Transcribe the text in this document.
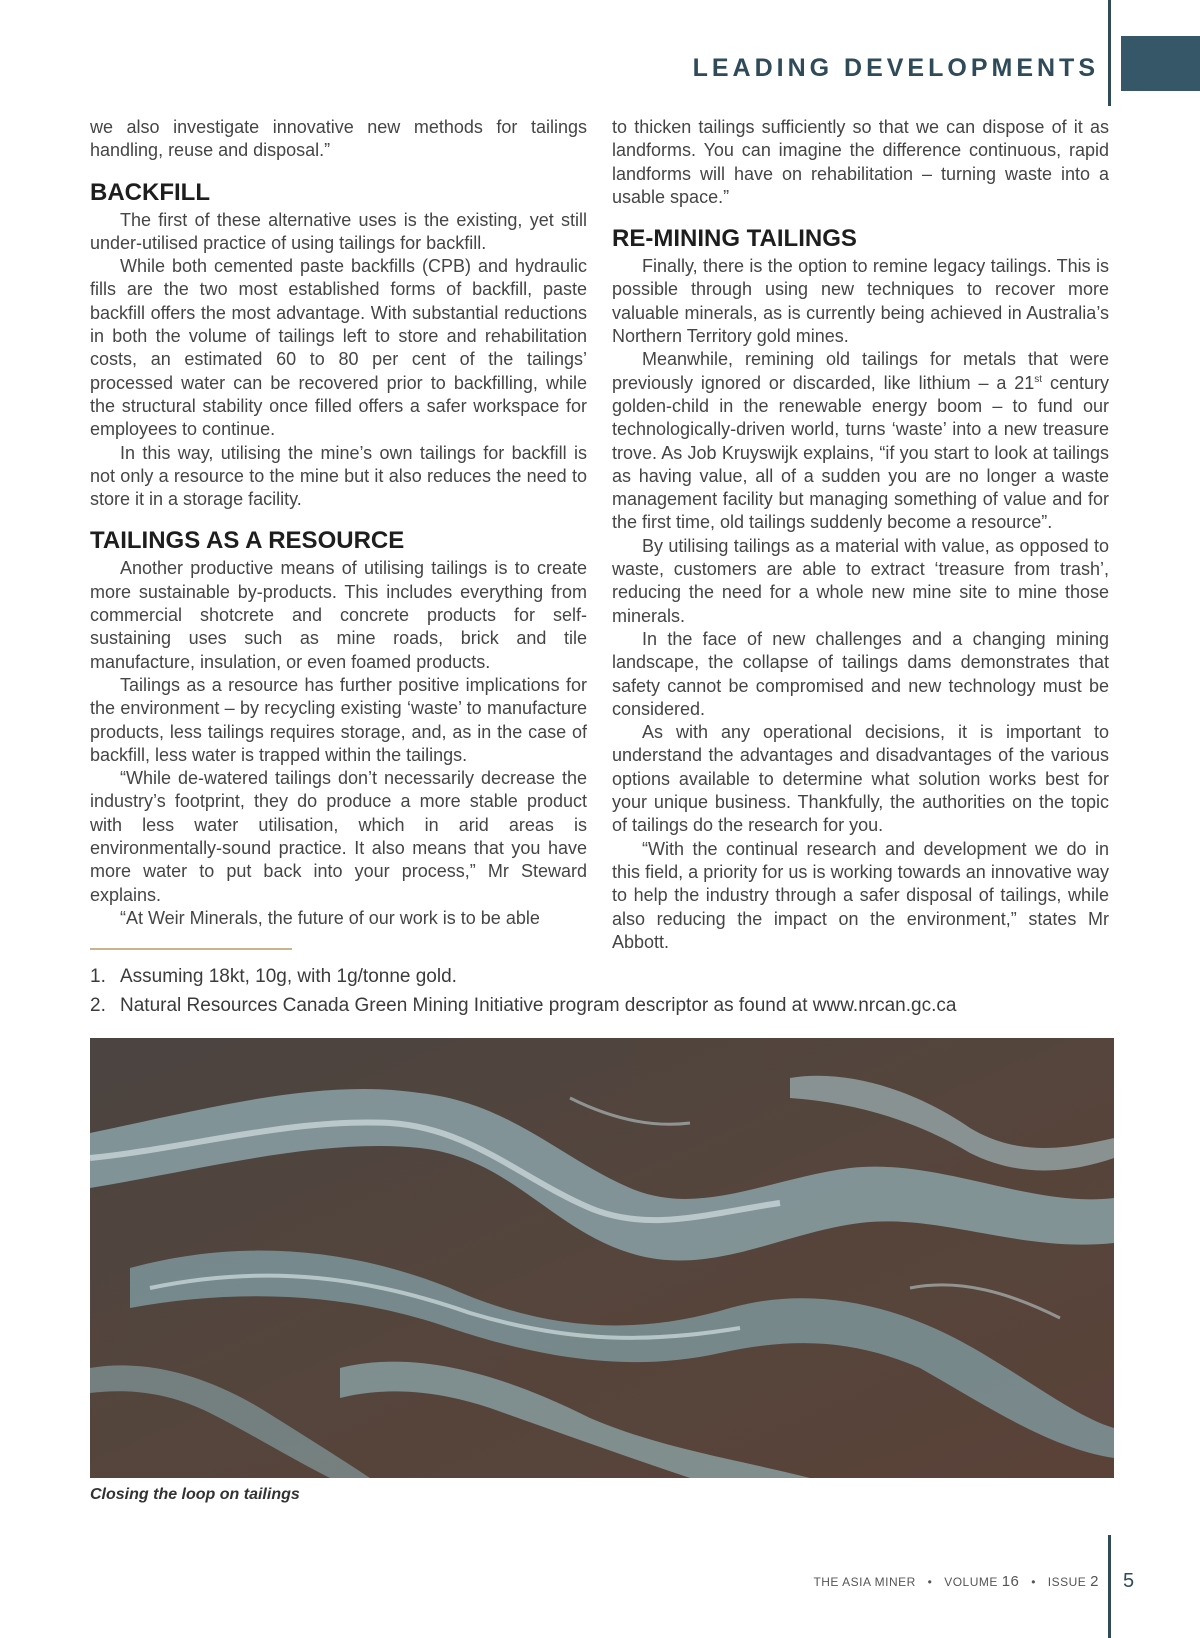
LEADING DEVELOPMENTS

we also investigate innovative new methods for tailings handling, reuse and disposal.”

BACKFILL

The first of these alternative uses is the existing, yet still under-utilised practice of using tailings for backfill.

While both cemented paste backfills (CPB) and hydraulic fills are the two most established forms of backfill, paste backfill offers the most advantage. With substantial reductions in both the volume of tailings left to store and rehabilitation costs, an estimated 60 to 80 per cent of the tailings’ processed water can be recovered prior to backfilling, while the structural stability once filled offers a safer workspace for employees to continue.

In this way, utilising the mine’s own tailings for backfill is not only a resource to the mine but it also reduces the need to store it in a storage facility.

TAILINGS AS A RESOURCE

Another productive means of utilising tailings is to create more sustainable by-products. This includes everything from commercial shotcrete and concrete products for self-sustaining uses such as mine roads, brick and tile manufacture, insulation, or even foamed products.

Tailings as a resource has further positive implications for the environment – by recycling existing ‘waste’ to manufacture products, less tailings requires storage, and, as in the case of backfill, less water is trapped within the tailings.

“While de-watered tailings don’t necessarily decrease the industry’s footprint, they do produce a more stable product with less water utilisation, which in arid areas is environmentally-sound practice. It also means that you have more water to put back into your process,” Mr Steward explains.

“At Weir Minerals, the future of our work is to be able

to thicken tailings sufficiently so that we can dispose of it as landforms. You can imagine the difference continuous, rapid landforms will have on rehabilitation – turning waste into a usable space.”

RE-MINING TAILINGS

Finally, there is the option to remine legacy tailings. This is possible through using new techniques to recover more valuable minerals, as is currently being achieved in Australia’s Northern Territory gold mines.

Meanwhile, remining old tailings for metals that were previously ignored or discarded, like lithium – a 21st century golden-child in the renewable energy boom – to fund our technologically-driven world, turns ‘waste’ into a new treasure trove. As Job Kruyswijk explains, “if you start to look at tailings as having value, all of a sudden you are no longer a waste management facility but managing something of value and for the first time, old tailings suddenly become a resource”.

By utilising tailings as a material with value, as opposed to waste, customers are able to extract ‘treasure from trash’, reducing the need for a whole new mine site to mine those minerals.

In the face of new challenges and a changing mining landscape, the collapse of tailings dams demonstrates that safety cannot be compromised and new technology must be considered.

As with any operational decisions, it is important to understand the advantages and disadvantages of the various options available to determine what solution works best for your unique business. Thankfully, the authorities on the topic of tailings do the research for you.

“With the continual research and development we do in this field, a priority for us is working towards an innovative way to help the industry through a safer disposal of tailings, while also reducing the impact on the environment,” states Mr Abbott.

1. Assuming 18kt, 10g, with 1g/tonne gold.
2. Natural Resources Canada Green Mining Initiative program descriptor as found at www.nrcan.gc.ca

Closing the loop on tailings

THE ASIA MINER • VOLUME 16 • ISSUE 2 5
